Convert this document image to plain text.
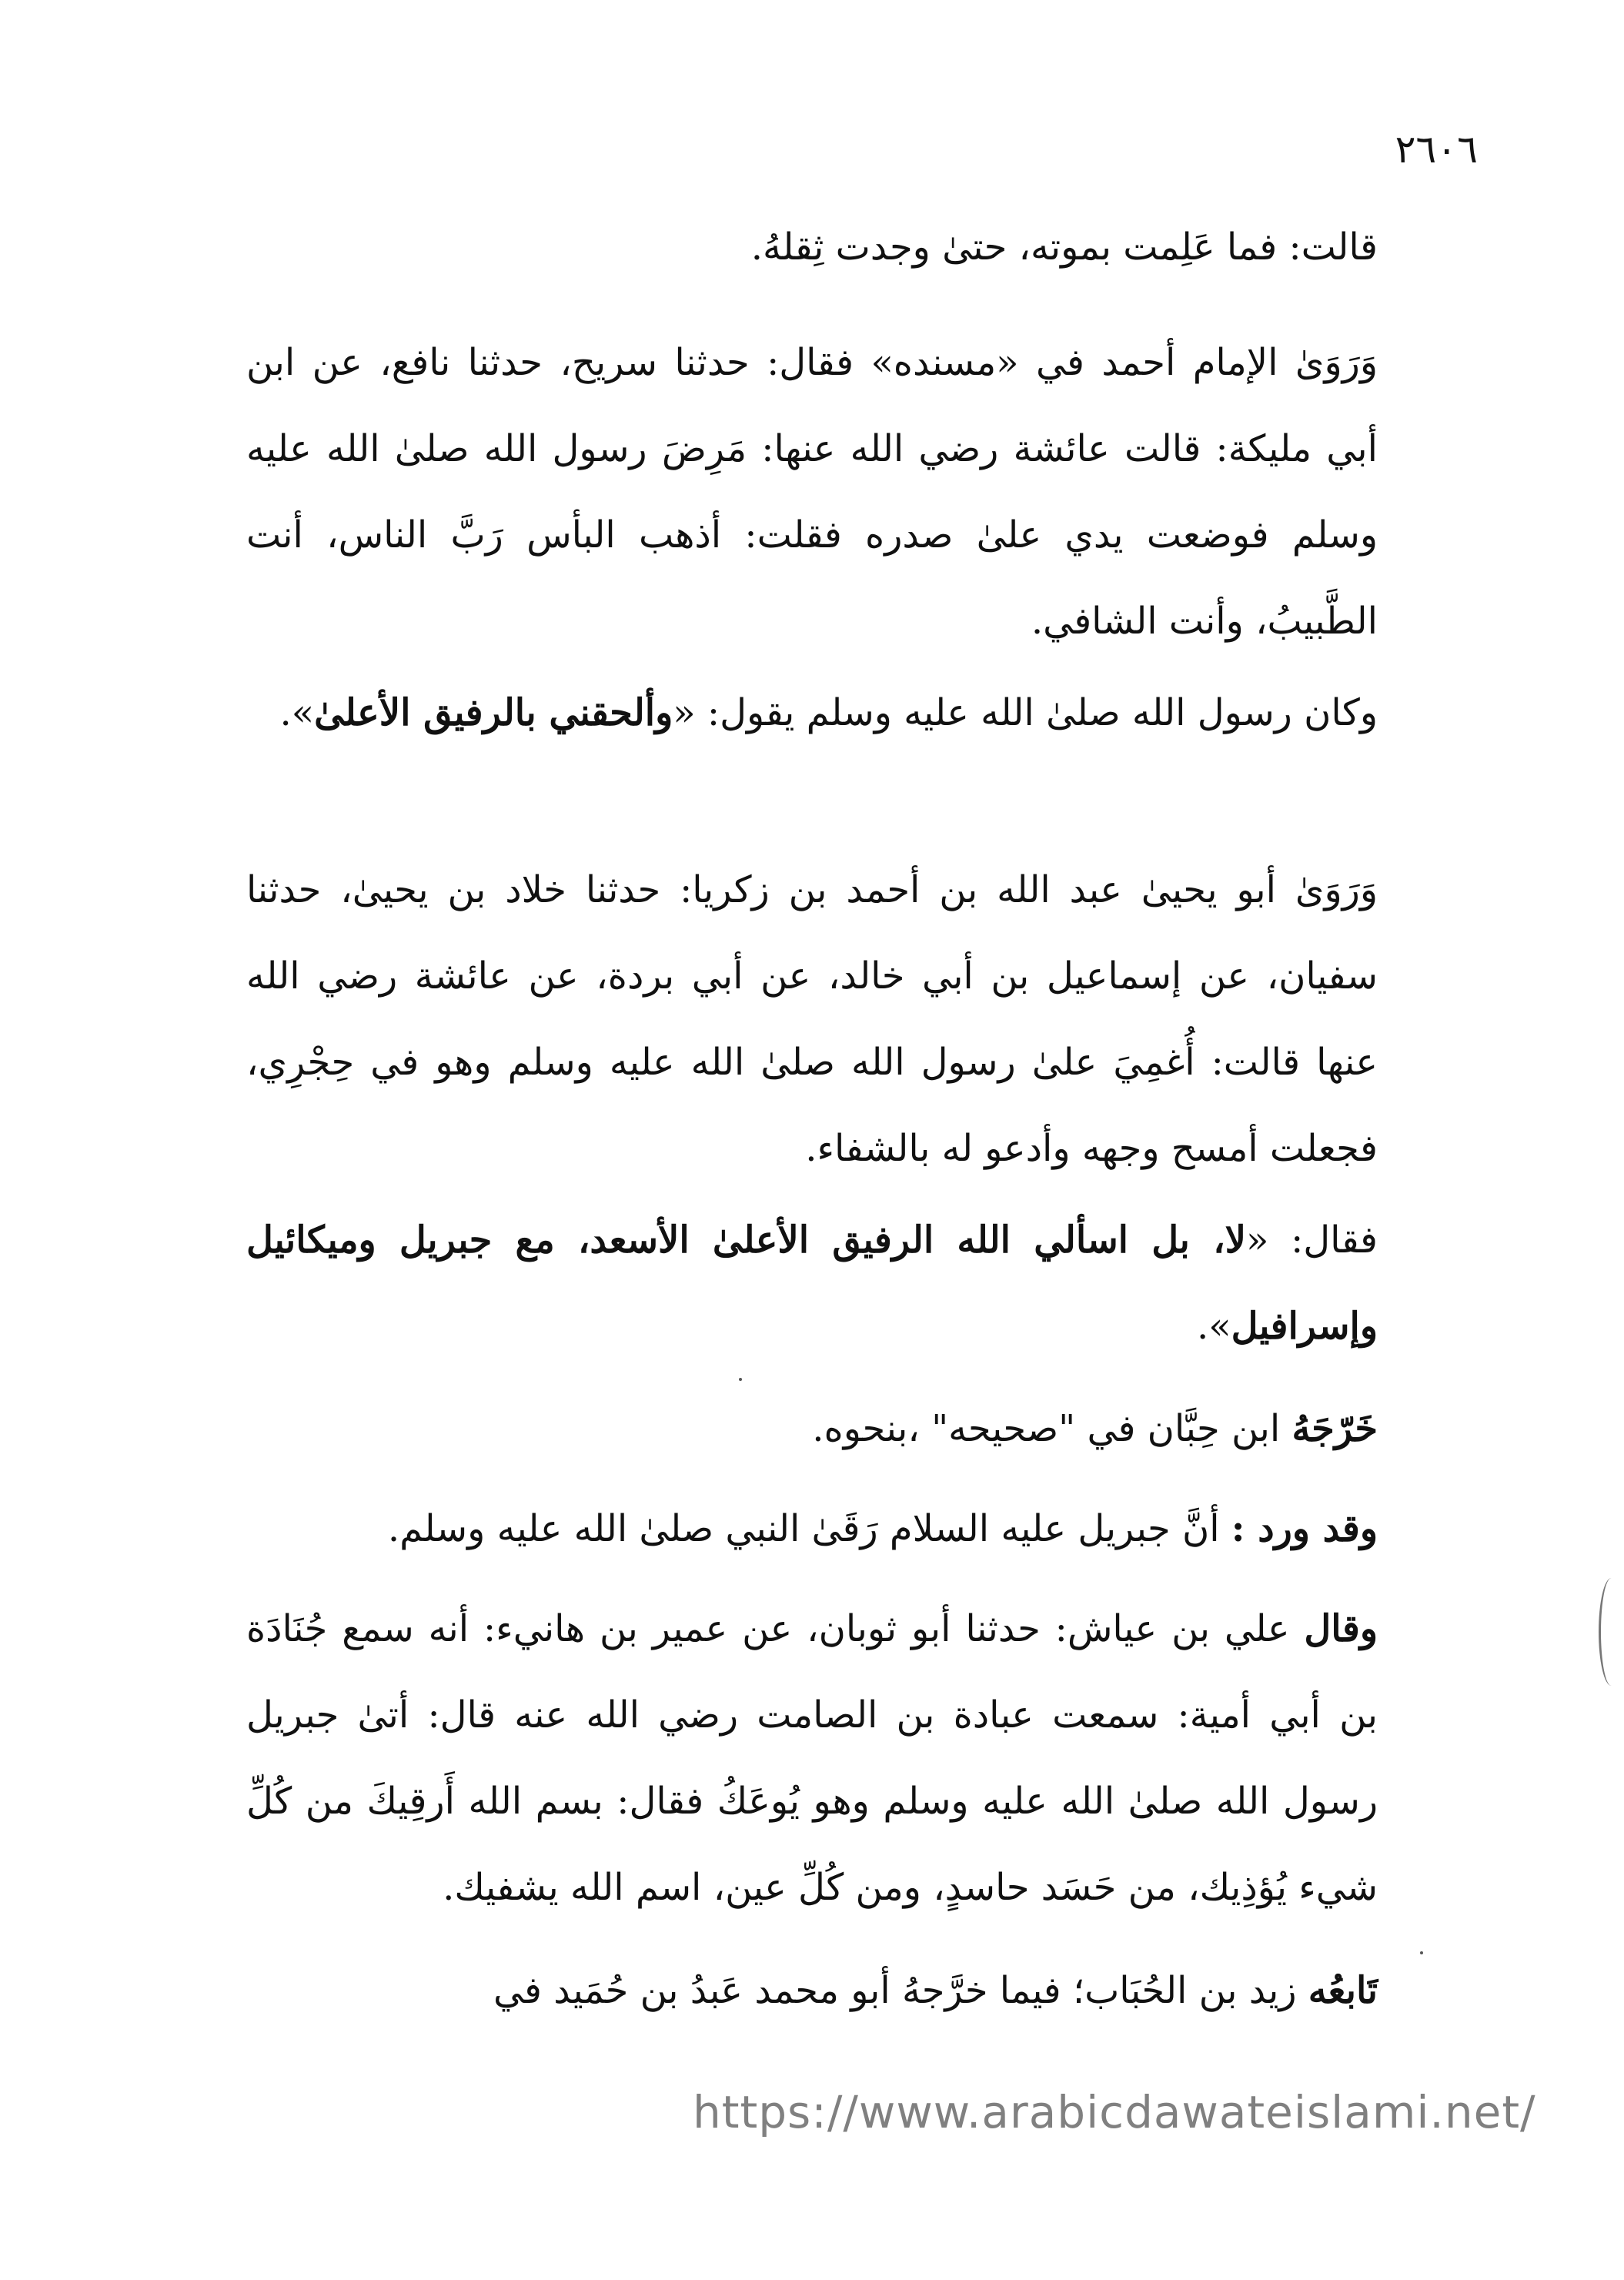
٢٦٠٦

قالت: فما عَلِمت بموته، حتىٰ وجدت ثِقلهُ.

وَرَوَىٰ الإمام أحمد في «مسنده» فقال: حدثنا سريح، حدثنا نافع، عن ابن أبي مليكة: قالت عائشة رضي الله عنها: مَرِضَ رسول الله صلىٰ الله عليه وسلم فوضعت يدي علىٰ صدره فقلت: أذهب البأس رَبَّ الناس، أنت الطَّبيبُ، وأنت الشافي.

وكان رسول الله صلىٰ الله عليه وسلم يقول: «وألحقني بالرفيق الأعلىٰ».

وَرَوَىٰ أبو يحيىٰ عبد الله بن أحمد بن زكريا: حدثنا خلاد بن يحيىٰ، حدثنا سفيان، عن إسماعيل بن أبي خالد، عن أبي بردة، عن عائشة رضي الله عنها قالت: أُغمِيَ علىٰ رسول الله صلىٰ الله عليه وسلم وهو في حِجْرِي، فجعلت أمسح وجهه وأدعو له بالشفاء.

فقال: «لا، بل اسألي الله الرفيق الأعلىٰ الأسعد، مع جبريل وميكائيل وإسرافيل».

خَرّجَهُ ابن حِبَّان في "صحيحه" ،بنحوه.

وقد ورد : أنَّ جبريل عليه السلام رَقَىٰ النبي صلىٰ الله عليه وسلم.

وقال علي بن عياش: حدثنا أبو ثوبان، عن عمير بن هانيء: أنه سمع جُنَادَة بن أبي أمية: سمعت عبادة بن الصامت رضي الله عنه قال: أتىٰ جبريل رسول الله صلىٰ الله عليه وسلم وهو يُوعَكُ فقال: بسم الله أَرقِيكَ من كُلِّ شيء يُؤذِيك، من حَسَد حاسدٍ، ومن كُلِّ عين، اسم الله يشفيك.

تَابعُه زيد بن الحُبَاب؛ فيما خرَّجهُ أبو محمد عَبدُ بن حُمَيد في

https://www.arabicdawateislami.net/
